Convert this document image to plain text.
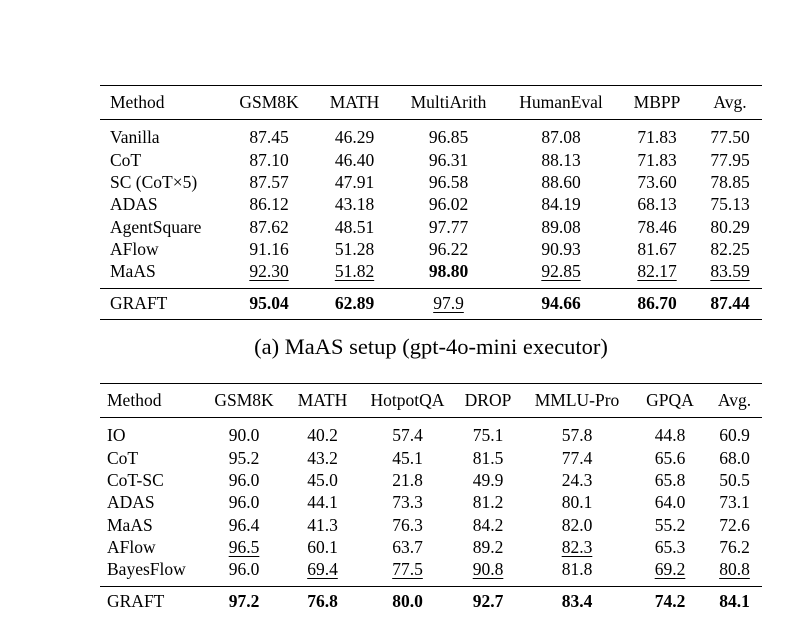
Method	GSM8K	MATH	MultiArith	HumanEval	MBPP	Avg.
Vanilla	87.45	46.29	96.85	87.08	71.83	77.50
CoT	87.10	46.40	96.31	88.13	71.83	77.95
SC (CoT×5)	87.57	47.91	96.58	88.60	73.60	78.85
ADAS	86.12	43.18	96.02	84.19	68.13	75.13
AgentSquare	87.62	48.51	97.77	89.08	78.46	80.29
AFlow	91.16	51.28	96.22	90.93	81.67	82.25
MaAS	92.30	51.82	98.80	92.85	82.17	83.59
GRAFT	95.04	62.89	97.9	94.66	86.70	87.44
(a) MaAS setup (gpt-4o-mini executor)
Method	GSM8K	MATH	HotpotQA	DROP	MMLU-Pro	GPQA	Avg.
IO	90.0	40.2	57.4	75.1	57.8	44.8	60.9
CoT	95.2	43.2	45.1	81.5	77.4	65.6	68.0
CoT-SC	96.0	45.0	21.8	49.9	24.3	65.8	50.5
ADAS	96.0	44.1	73.3	81.2	80.1	64.0	73.1
MaAS	96.4	41.3	76.3	84.2	82.0	55.2	72.6
AFlow	96.5	60.1	63.7	89.2	82.3	65.3	76.2
BayesFlow	96.0	69.4	77.5	90.8	81.8	69.2	80.8
GRAFT	97.2	76.8	80.0	92.7	83.4	74.2	84.1
